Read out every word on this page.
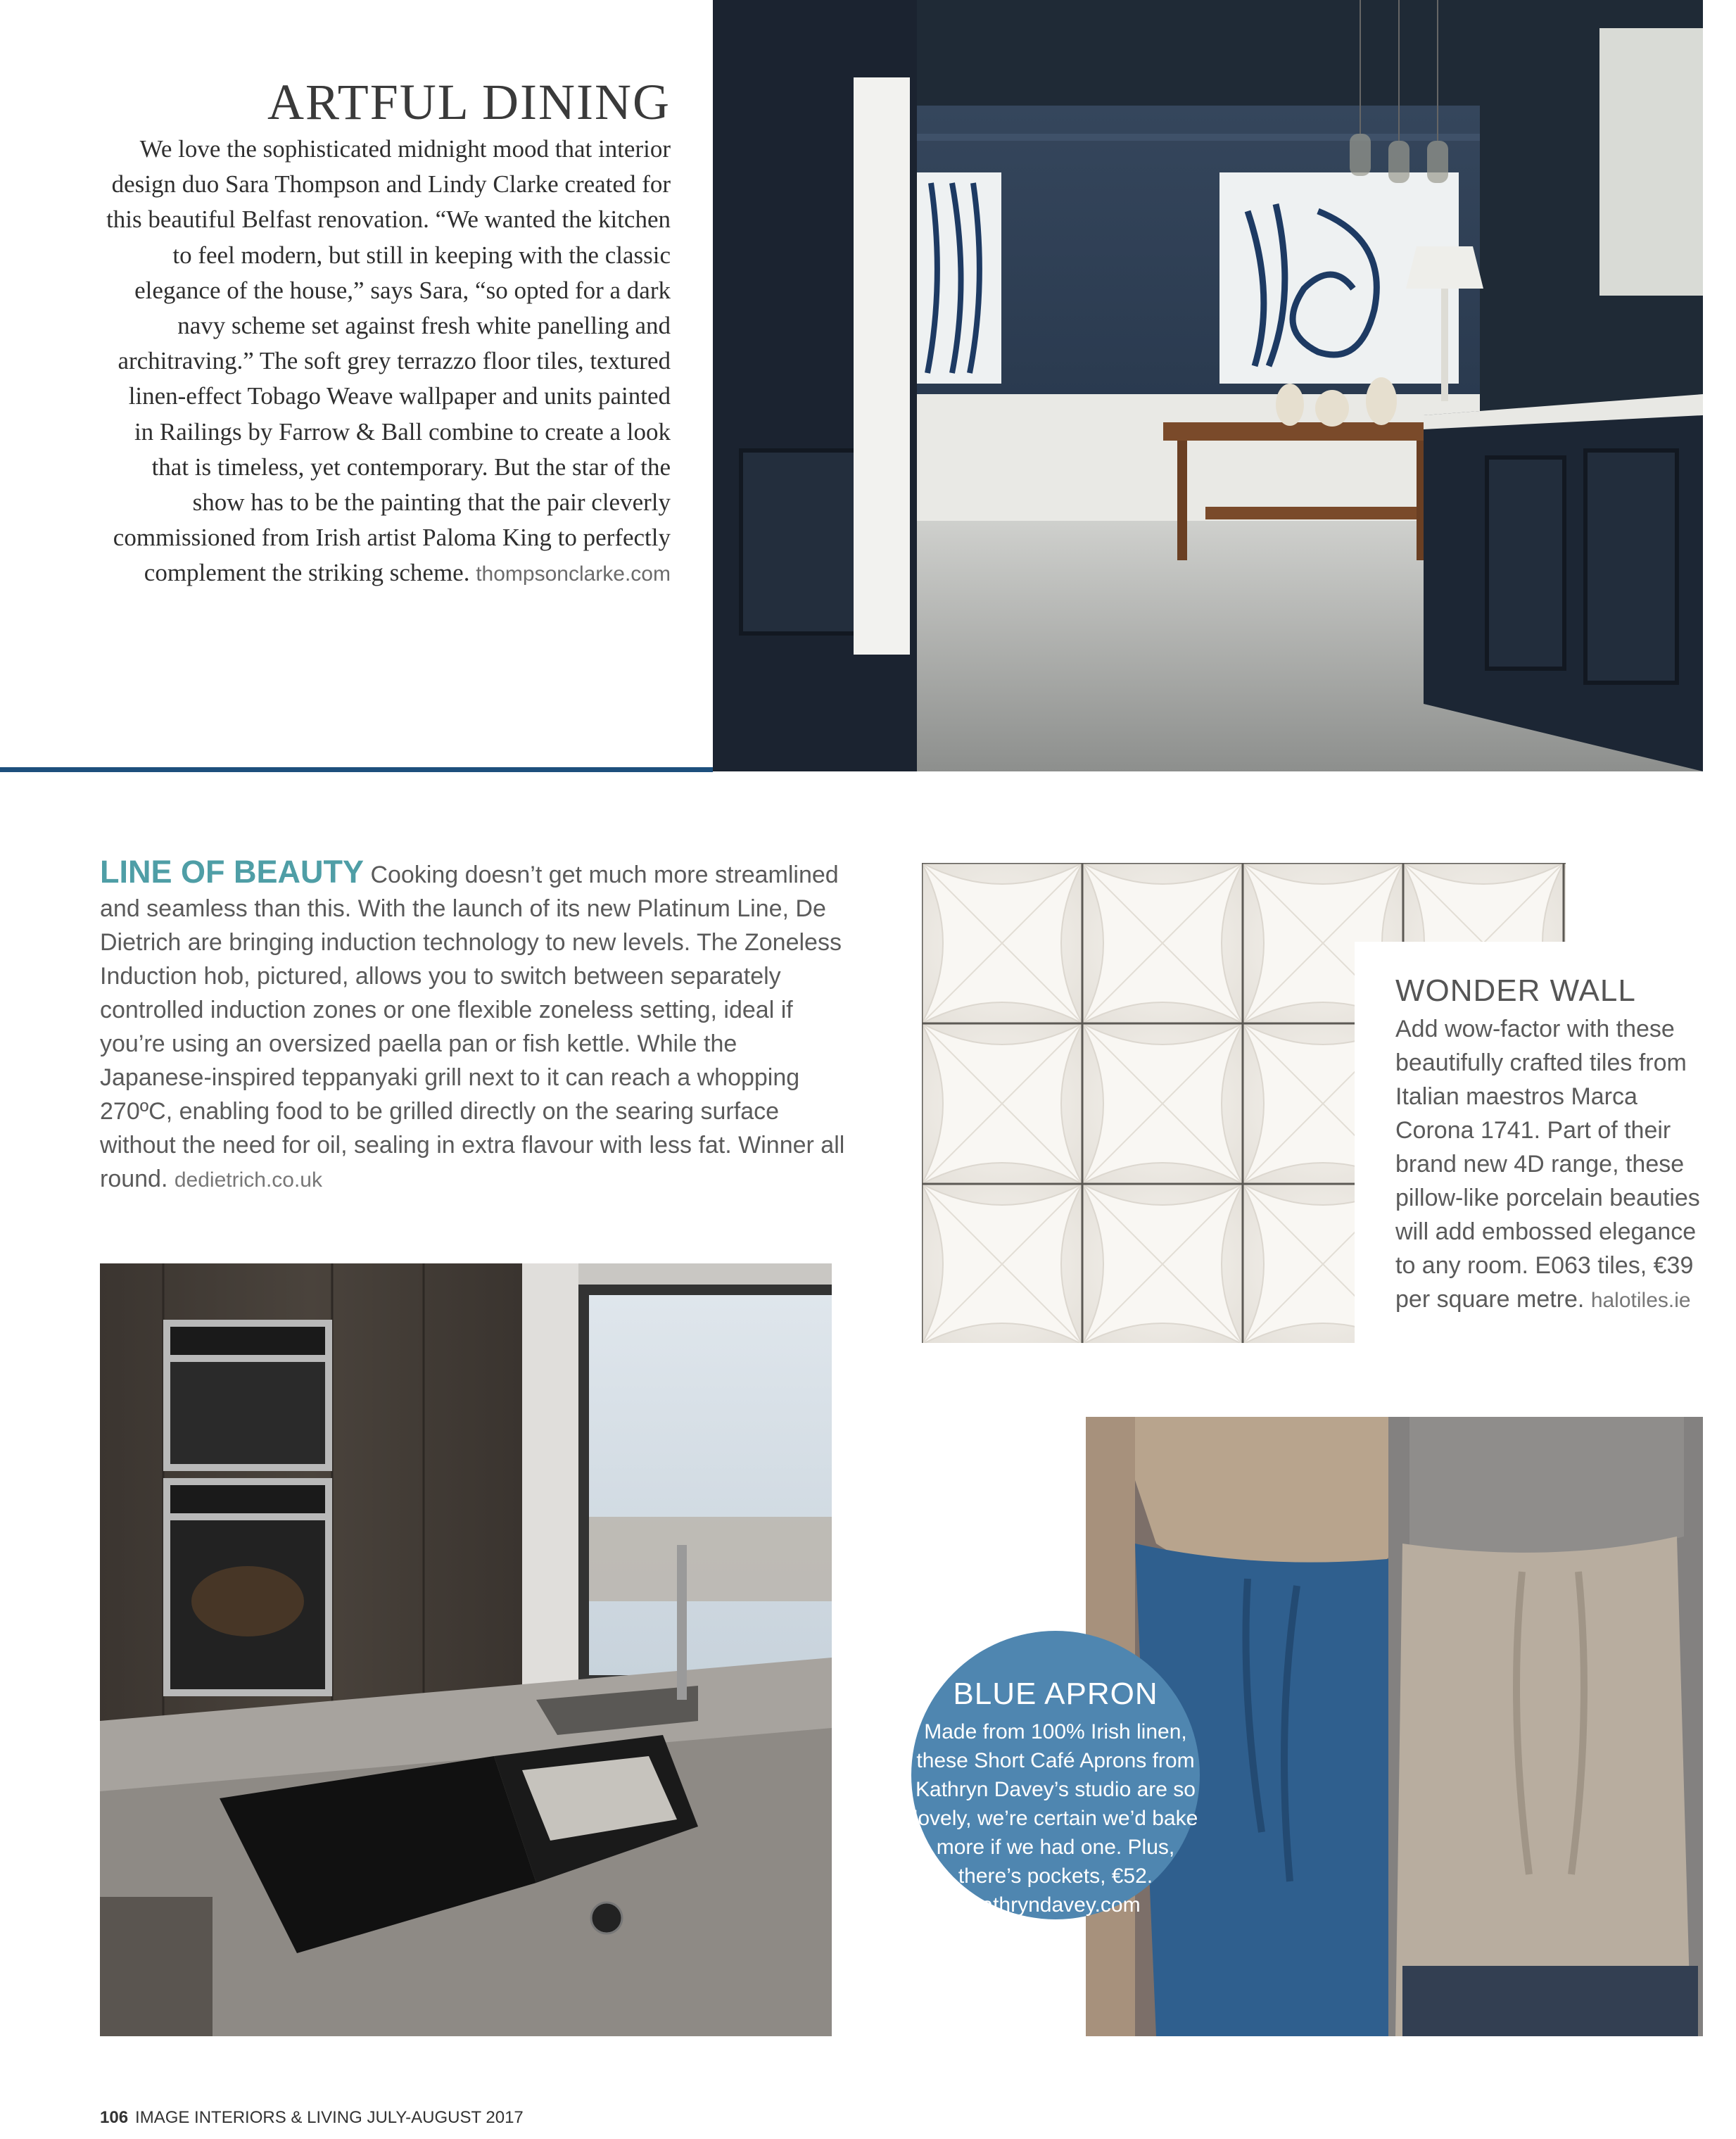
ARTFUL DINING

We love the sophisticated midnight mood that interior design duo Sara Thompson and Lindy Clarke created for this beautiful Belfast renovation. “We wanted the kitchen to feel modern, but still in keeping with the classic elegance of the house,” says Sara, “so opted for a dark navy scheme set against fresh white panelling and architraving.” The soft grey terrazzo floor tiles, textured linen-effect Tobago Weave wallpaper and units painted in Railings by Farrow & Ball combine to create a look that is timeless, yet contemporary. But the star of the show has to be the painting that the pair cleverly commissioned from Irish artist Paloma King to perfectly complement the striking scheme. thompsonclarke.com

LINE OF BEAUTY Cooking doesn’t get much more streamlined and seamless than this. With the launch of its new Platinum Line, De Dietrich are bringing induction technology to new levels. The Zoneless Induction hob, pictured, allows you to switch between separately controlled induction zones or one flexible zoneless setting, ideal if you’re using an oversized paella pan or fish kettle. While the Japanese-inspired teppanyaki grill next to it can reach a whopping 270ºC, enabling food to be grilled directly on the searing surface without the need for oil, sealing in extra flavour with less fat. Winner all round. dedietrich.co.uk

WONDER WALL

Add wow-factor with these beautifully crafted tiles from Italian maestros Marca Corona 1741. Part of their brand new 4D range, these pillow-like porcelain beauties will add embossed elegance to any room. E063 tiles, €39 per square metre. halotiles.ie

BLUE APRON

Made from 100% Irish linen, these Short Café Aprons from Kathryn Davey’s studio are so lovely, we’re certain we’d bake more if we had one. Plus, there’s pockets, €52. kathryndavey.com

106 IMAGE INTERIORS & LIVING JULY-AUGUST 2017
